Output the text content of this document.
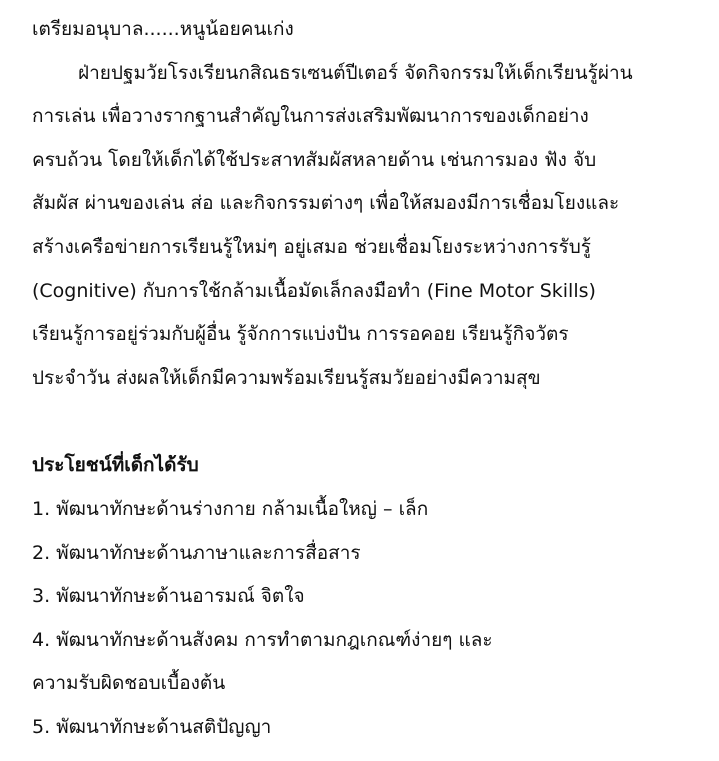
เตรียมอนุบาล......หนูน้อยคนเก่ง

ฝ่ายปฐมวัยโรงเรียนกสิณธรเซนต์ปีเตอร์ จัดกิจกรรมให้เด็กเรียนรู้ผ่าน

การเล่น เพื่อวางรากฐานสำคัญในการส่งเสริมพัฒนาการของเด็กอย่าง

ครบถ้วน โดยให้เด็กได้ใช้ประสาทสัมผัสหลายด้าน เช่นการมอง ฟัง จับ

สัมผัส ผ่านของเล่น ส่อ และกิจกรรมต่างๆ เพื่อให้สมองมีการเชื่อมโยงและ

สร้างเครือข่ายการเรียนรู้ใหม่ๆ อยู่เสมอ ช่วยเชื่อมโยงระหว่างการรับรู้

(Cognitive) กับการใช้กล้ามเนื้อมัดเล็กลงมือทำ (Fine Motor Skills)

เรียนรู้การอยู่ร่วมกับผู้อื่น รู้จักการแบ่งปัน การรอคอย เรียนรู้กิจวัตร

ประจำวัน ส่งผลให้เด็กมีความพร้อมเรียนรู้สมวัยอย่างมีความสุข

ประโยชน์ที่เด็กได้รับ

1. พัฒนาทักษะด้านร่างกาย กล้ามเนื้อใหญ่ – เล็ก

2. พัฒนาทักษะด้านภาษาและการสื่อสาร

3. พัฒนาทักษะด้านอารมณ์ จิตใจ

4. พัฒนาทักษะด้านสังคม การทำตามกฎเกณฑ์ง่ายๆ และ

ความรับผิดชอบเบื้องต้น

5. พัฒนาทักษะด้านสติปัญญา
